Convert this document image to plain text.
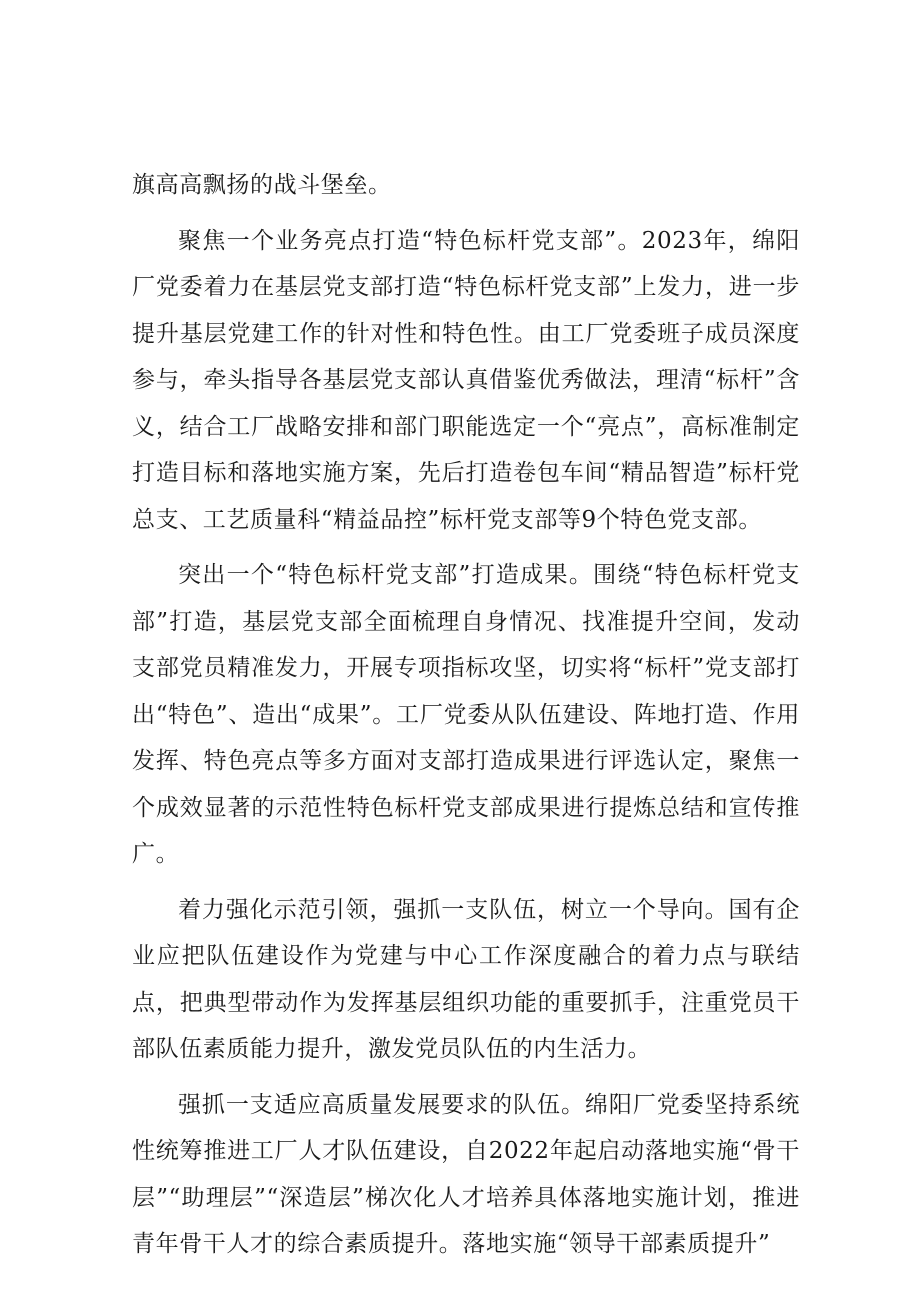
旗高高飘扬的战斗堡垒。

聚焦一个业务亮点打造“特色标杆党支部”。2023年，绵阳厂党委着力在基层党支部打造“特色标杆党支部”上发力，进一步提升基层党建工作的针对性和特色性。由工厂党委班子成员深度参与，牵头指导各基层党支部认真借鉴优秀做法，理清“标杆”含义，结合工厂战略安排和部门职能选定一个“亮点”，高标准制定打造目标和落地实施方案，先后打造卷包车间“精品智造”标杆党总支、工艺质量科“精益品控”标杆党支部等9个特色党支部。

突出一个“特色标杆党支部”打造成果。围绕“特色标杆党支部”打造，基层党支部全面梳理自身情况、找准提升空间，发动支部党员精准发力，开展专项指标攻坚，切实将“标杆”党支部打出“特色”、造出“成果”。工厂党委从队伍建设、阵地打造、作用发挥、特色亮点等多方面对支部打造成果进行评选认定，聚焦一个成效显著的示范性特色标杆党支部成果进行提炼总结和宣传推广。

着力强化示范引领，强抓一支队伍，树立一个导向。国有企业应把队伍建设作为党建与中心工作深度融合的着力点与联结点，把典型带动作为发挥基层组织功能的重要抓手，注重党员干部队伍素质能力提升，激发党员队伍的内生活力。

强抓一支适应高质量发展要求的队伍。绵阳厂党委坚持系统性统筹推进工厂人才队伍建设，自2022年起启动落地实施“骨干层”“助理层”“深造层”梯次化人才培养具体落地实施计划，推进青年骨干人才的综合素质提升。落地实施“领导干部素质提升”
